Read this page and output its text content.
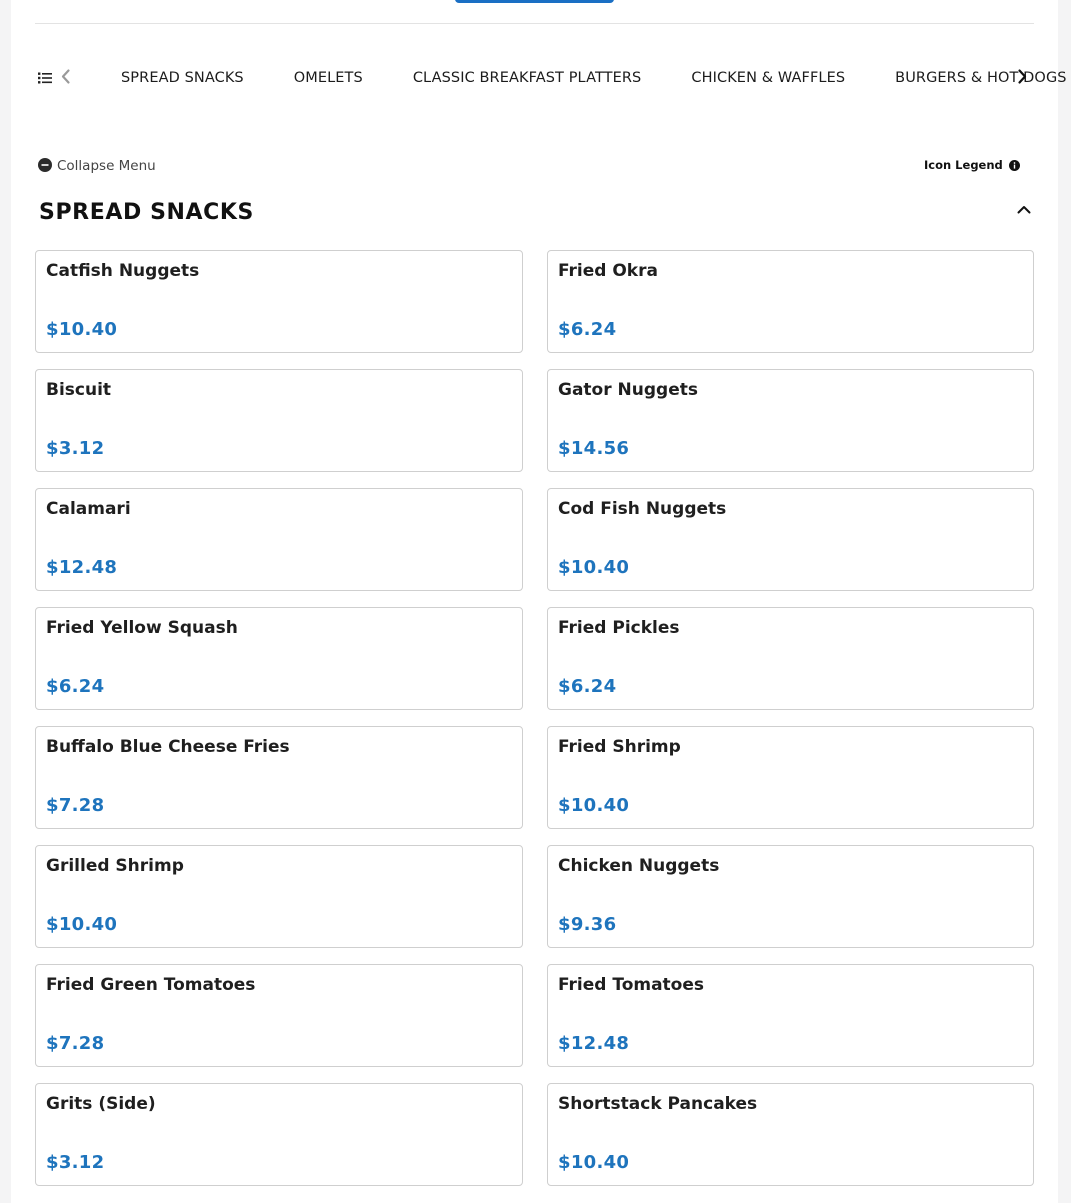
SPREAD SNACKS	OMELETS	CLASSIC BREAKFAST PLATTERS	CHICKEN & WAFFLES	BURGERS & HOT DOGS
Collapse Menu	Icon Legend
SPREAD SNACKS
Catfish Nuggets
$10.40
Fried Okra
$6.24
Biscuit
$3.12
Gator Nuggets
$14.56
Calamari
$12.48
Cod Fish Nuggets
$10.40
Fried Yellow Squash
$6.24
Fried Pickles
$6.24
Buffalo Blue Cheese Fries
$7.28
Fried Shrimp
$10.40
Grilled Shrimp
$10.40
Chicken Nuggets
$9.36
Fried Green Tomatoes
$7.28
Fried Tomatoes
$12.48
Grits (Side)
$3.12
Shortstack Pancakes
$10.40
